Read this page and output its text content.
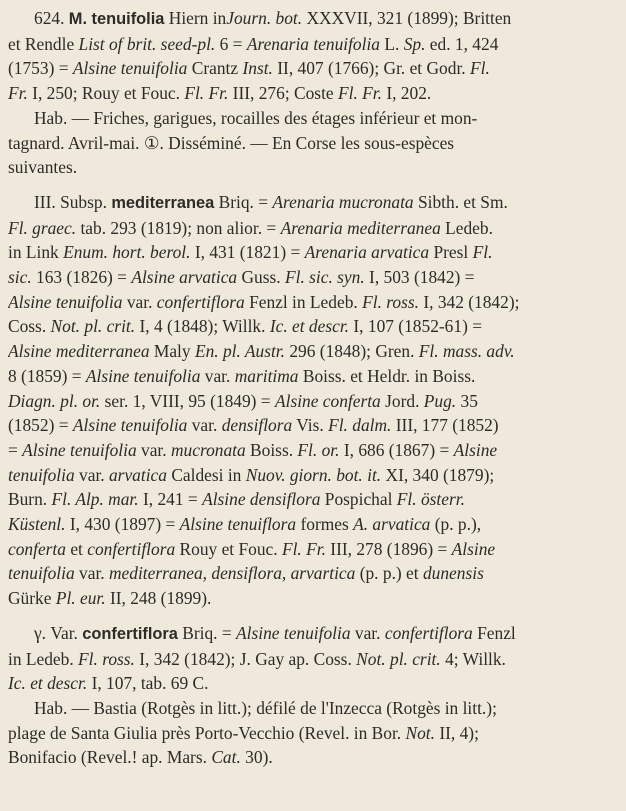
624. M. tenuifolia Hiern inJourn. bot. XXXVII, 321 (1899); Britten
et Rendle List of brit. seed-pl. 6 = Arenaria tenuifolia L. Sp. ed. 1, 424
(1753) = Alsine tenuifolia Crantz Inst. II, 407 (1766); Gr. et Godr. Fl.
Fr. I, 250; Rouy et Fouc. Fl. Fr. III, 276; Coste Fl. Fr. I, 202.
Hab. — Friches, garigues, rocailles des étages inférieur et mon-
tagnard. Avril-mai. ①. Disséminé. — En Corse les sous-espèces
suivantes.

III. Subsp. mediterranea Briq. = Arenaria mucronata Sibth. et Sm.
Fl. graec. tab. 293 (1819); non alior. = Arenaria mediterranea Ledeb.
in Link Enum. hort. berol. I, 431 (1821) = Arenaria arvatica Presl Fl.
sic. 163 (1826) = Alsine arvatica Guss. Fl. sic. syn. I, 503 (1842) =
Alsine tenuifolia var. confertiflora Fenzl in Ledeb. Fl. ross. I, 342 (1842);
Coss. Not. pl. crit. I, 4 (1848); Willk. Ic. et descr. I, 107 (1852-61) =
Alsine mediterranea Maly En. pl. Austr. 296 (1848); Gren. Fl. mass. adv.
8 (1859) = Alsine tenuifolia var. maritima Boiss. et Heldr. in Boiss.
Diagn. pl. or. ser. 1, VIII, 95 (1849) = Alsine conferta Jord. Pug. 35
(1852) = Alsine tenuifolia var. densiflora Vis. Fl. dalm. III, 177 (1852)
= Alsine tenuifolia var. mucronata Boiss. Fl. or. I, 686 (1867) = Alsine
tenuifolia var. arvatica Caldesi in Nuov. giorn. bot. it. XI, 340 (1879);
Burn. Fl. Alp. mar. I, 241 = Alsine densiflora Pospichal Fl. österr.
Küstenl. I, 430 (1897) = Alsine tenuiflora formes A. arvatica (p. p.),
conferta et confertiflora Rouy et Fouc. Fl. Fr. III, 278 (1896) = Alsine
tenuifolia var. mediterranea, densiflora, arvartica (p. p.) et dunensis
Gürke Pl. eur. II, 248 (1899).

γ. Var. confertiflora Briq. = Alsine tenuifolia var. confertiflora Fenzl
in Ledeb. Fl. ross. I, 342 (1842); J. Gay ap. Coss. Not. pl. crit. 4; Willk.
Ic. et descr. I, 107, tab. 69 C.
Hab. — Bastia (Rotgès in litt.); défilé de l'Inzecca (Rotgès in litt.);
plage de Santa Giulia près Porto-Vecchio (Revel. in Bor. Not. II, 4);
Bonifacio (Revel.! ap. Mars. Cat. 30).
